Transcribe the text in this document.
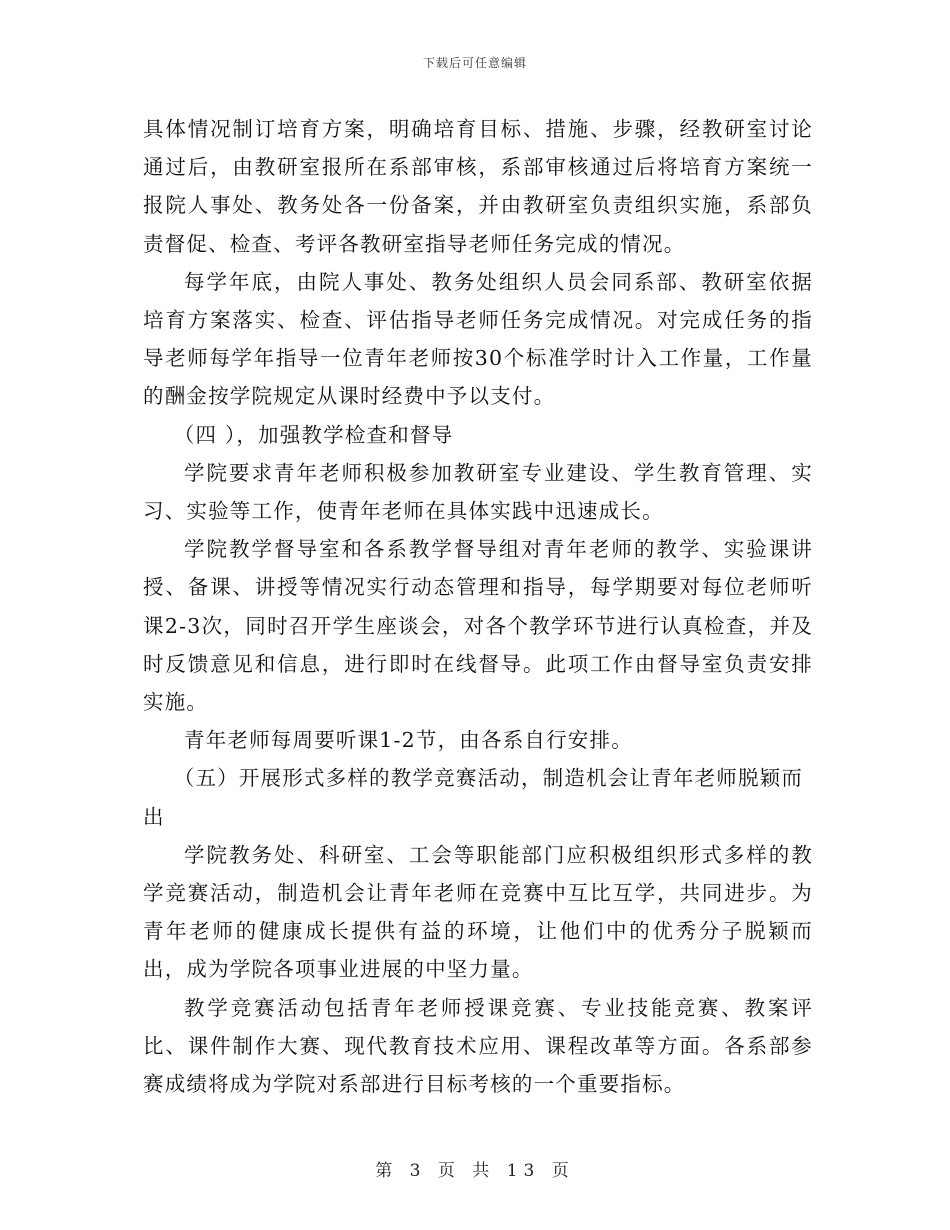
下载后可任意编辑

具体情况制订培育方案，明确培育目标、措施、步骤，经教研室讨论通过后，由教研室报所在系部审核，系部审核通过后将培育方案统一报院人事处、教务处各一份备案，并由教研室负责组织实施，系部负责督促、检查、考评各教研室指导老师任务完成的情况。

每学年底，由院人事处、教务处组织人员会同系部、教研室依据培育方案落实、检查、评估指导老师任务完成情况。对完成任务的指导老师每学年指导一位青年老师按30个标准学时计入工作量，工作量的酬金按学院规定从课时经费中予以支付。

（四 ），加强教学检查和督导

学院要求青年老师积极参加教研室专业建设、学生教育管理、实习、实验等工作，使青年老师在具体实践中迅速成长。

学院教学督导室和各系教学督导组对青年老师的教学、实验课讲授、备课、讲授等情况实行动态管理和指导，每学期要对每位老师听课2-3次，同时召开学生座谈会，对各个教学环节进行认真检查，并及时反馈意见和信息，进行即时在线督导。此项工作由督导室负责安排实施。

青年老师每周要听课1-2节，由各系自行安排。

（五）开展形式多样的教学竞赛活动，制造机会让青年老师脱颖而出

学院教务处、科研室、工会等职能部门应积极组织形式多样的教学竞赛活动，制造机会让青年老师在竞赛中互比互学，共同进步。为青年老师的健康成长提供有益的环境，让他们中的优秀分子脱颖而出，成为学院各项事业进展的中坚力量。

教学竞赛活动包括青年老师授课竞赛、专业技能竞赛、教案评比、课件制作大赛、现代教育技术应用、课程改革等方面。各系部参赛成绩将成为学院对系部进行目标考核的一个重要指标。

第 3 页 共 13 页
